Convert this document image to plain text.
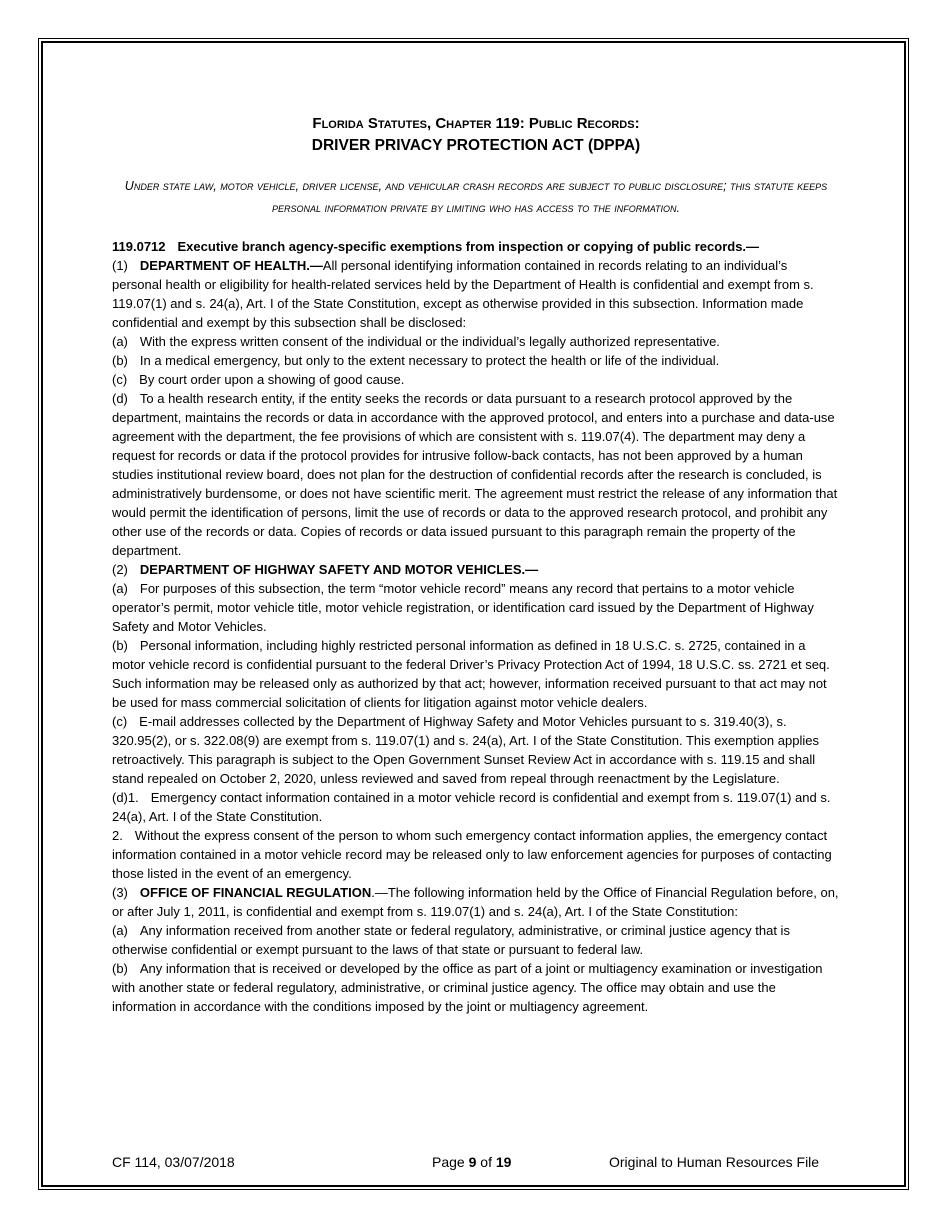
Florida Statutes, Chapter 119: Public Records:
DRIVER PRIVACY PROTECTION ACT (DPPA)
Under state law, motor vehicle, driver license, and vehicular crash records are subject to public disclosure; this statute keeps personal information private by limiting who has access to the information.

119.0712 Executive branch agency-specific exemptions from inspection or copying of public records.—

(1) DEPARTMENT OF HEALTH.—All personal identifying information contained in records relating to an individual’s personal health or eligibility for health-related services held by the Department of Health is confidential and exempt from s. 119.07(1) and s. 24(a), Art. I of the State Constitution, except as otherwise provided in this subsection. Information made confidential and exempt by this subsection shall be disclosed:

(a) With the express written consent of the individual or the individual’s legally authorized representative.

(b) In a medical emergency, but only to the extent necessary to protect the health or life of the individual.

(c) By court order upon a showing of good cause.

(d) To a health research entity, if the entity seeks the records or data pursuant to a research protocol approved by the department, maintains the records or data in accordance with the approved protocol, and enters into a purchase and data-use agreement with the department, the fee provisions of which are consistent with s. 119.07(4). The department may deny a request for records or data if the protocol provides for intrusive follow-back contacts, has not been approved by a human studies institutional review board, does not plan for the destruction of confidential records after the research is concluded, is administratively burdensome, or does not have scientific merit. The agreement must restrict the release of any information that would permit the identification of persons, limit the use of records or data to the approved research protocol, and prohibit any other use of the records or data. Copies of records or data issued pursuant to this paragraph remain the property of the department.

(2) DEPARTMENT OF HIGHWAY SAFETY AND MOTOR VEHICLES.—

(a) For purposes of this subsection, the term “motor vehicle record” means any record that pertains to a motor vehicle operator’s permit, motor vehicle title, motor vehicle registration, or identification card issued by the Department of Highway Safety and Motor Vehicles.

(b) Personal information, including highly restricted personal information as defined in 18 U.S.C. s. 2725, contained in a motor vehicle record is confidential pursuant to the federal Driver’s Privacy Protection Act of 1994, 18 U.S.C. ss. 2721 et seq. Such information may be released only as authorized by that act; however, information received pursuant to that act may not be used for mass commercial solicitation of clients for litigation against motor vehicle dealers.

(c) E-mail addresses collected by the Department of Highway Safety and Motor Vehicles pursuant to s. 319.40(3), s. 320.95(2), or s. 322.08(9) are exempt from s. 119.07(1) and s. 24(a), Art. I of the State Constitution. This exemption applies retroactively. This paragraph is subject to the Open Government Sunset Review Act in accordance with s. 119.15 and shall stand repealed on October 2, 2020, unless reviewed and saved from repeal through reenactment by the Legislature.

(d)1. Emergency contact information contained in a motor vehicle record is confidential and exempt from s. 119.07(1) and s. 24(a), Art. I of the State Constitution.

2. Without the express consent of the person to whom such emergency contact information applies, the emergency contact information contained in a motor vehicle record may be released only to law enforcement agencies for purposes of contacting those listed in the event of an emergency.

(3) OFFICE OF FINANCIAL REGULATION.—The following information held by the Office of Financial Regulation before, on, or after July 1, 2011, is confidential and exempt from s. 119.07(1) and s. 24(a), Art. I of the State Constitution:

(a) Any information received from another state or federal regulatory, administrative, or criminal justice agency that is otherwise confidential or exempt pursuant to the laws of that state or pursuant to federal law.

(b) Any information that is received or developed by the office as part of a joint or multiagency examination or investigation with another state or federal regulatory, administrative, or criminal justice agency. The office may obtain and use the information in accordance with the conditions imposed by the joint or multiagency agreement.

CF 114, 03/07/2018	Page 9 of 19	Original to Human Resources File
